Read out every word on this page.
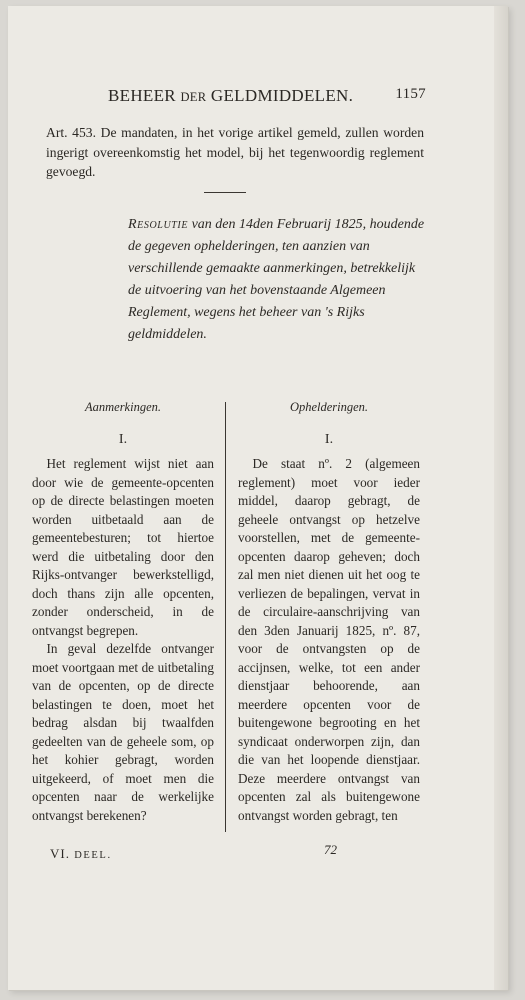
BEHEER DER GELDMIDDELEN.	1157
Art. 453. De mandaten, in het vorige artikel gemeld, zullen worden ingerigt overeenkomstig het model, bij het tegenwoordig reglement gevoegd.

Resolutie van den 14den Februarij 1825, houdende de gegeven ophelderingen, ten aanzien van verschillende gemaakte aanmerkingen, betrekkelijk de uitvoering van het bovenstaande Algemeen Reglement, wegens het beheer van 's Rijks geldmiddelen.

Aanmerkingen.
I.

Het reglement wijst niet aan door wie de gemeente-opcenten op de directe belastingen moeten worden uitbetaald aan de gemeentebesturen; tot hiertoe werd die uitbetaling door den Rijks-ontvanger bewerkstelligd, doch thans zijn alle opcenten, zonder onderscheid, in de ontvangst begrepen.

In geval dezelfde ontvanger moet voortgaan met de uitbetaling van de opcenten, op de directe belastingen te doen, moet het bedrag alsdan bij twaalfden gedeelten van de geheele som, op het kohier gebragt, worden uitgekeerd, of moet men die opcenten naar de werkelijke ontvangst berekenen?

Ophelderingen.
I.

De staat nº. 2 (algemeen reglement) moet voor ieder middel, daarop gebragt, de geheele ontvangst op hetzelve voorstellen, met de gemeente-opcenten daarop geheven; doch zal men niet dienen uit het oog te verliezen de bepalingen, vervat in de circulaire-aanschrijving van den 3den Januarij 1825, nº. 87, voor de ontvangsten op de accijnsen, welke, tot een ander dienstjaar behoorende, aan meerdere opcenten voor de buitengewone begrooting en het syndicaat onderworpen zijn, dan die van het loopende dienstjaar. Deze meerdere ontvangst van opcenten zal als buitengewone ontvangst worden gebragt, ten

VI. DEEL.	72
